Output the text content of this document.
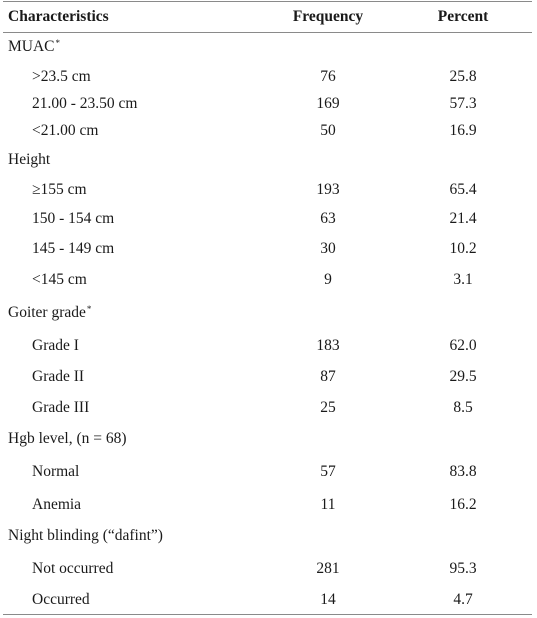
Characteristics	Frequency	Percent
MUAC*
>23.5 cm	76	25.8
21.00 - 23.50 cm	169	57.3
<21.00 cm	50	16.9
Height
≥155 cm	193	65.4
150 - 154 cm	63	21.4
145 - 149 cm	30	10.2
<145 cm	9	3.1
Goiter grade*
Grade I	183	62.0
Grade II	87	29.5
Grade III	25	8.5
Hgb level, (n = 68)
Normal	57	83.8
Anemia	11	16.2
Night blinding (“dafint”)
Not occurred	281	95.3
Occurred	14	4.7
